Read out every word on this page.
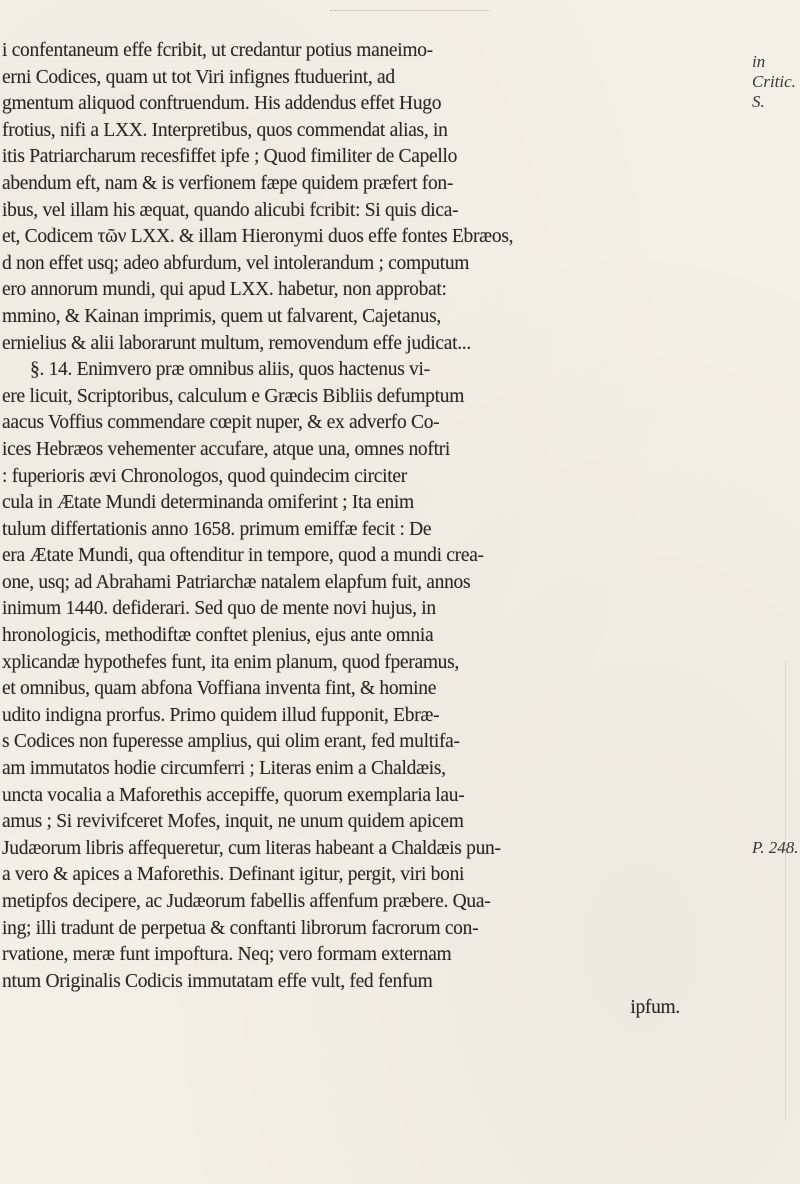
i confentaneum effe fcribit, ut credantur potius maneimo-
erni Codices, quam ut tot Viri infignes ftuduerint, ad
gmentum aliquod conftruendum. His addendus effet Hugo
frotius, nifi a LXX. Interpretibus, quos commendat alias, in
itis Patriarcharum recesfiffet ipfe ; Quod fimiliter de Capello
abendum eft, nam & is verfionem fæpe quidem præfert fon-
ibus, vel illam his æquat, quando alicubi fcribit: Si quis dica-
et, Codicem τῶν LXX. & illam Hieronymi duos effe fontes Ebræos,
d non effet usq; adeo abfurdum, vel intolerandum ; computum
ero annorum mundi, qui apud LXX. habetur, non approbat:
mmino, & Kainan imprimis, quem ut falvarent, Cajetanus,
ernielius & alii laborarunt multum, removendum effe judicat...
§. 14. Enimvero præ omnibus aliis, quos hactenus vi-
ere licuit, Scriptoribus, calculum e Græcis Bibliis defumptum
aacus Voffius commendare cœpit nuper, & ex adverfo Co-
ices Hebræos vehementer accufare, atque una, omnes noftri
: fuperioris ævi Chronologos, quod quindecim circiter
cula in Ætate Mundi determinanda omiferint ; Ita enim
tulum differtationis anno 1658. primum emiffæ fecit : De
era Ætate Mundi, qua oftenditur in tempore, quod a mundi crea-
one, usq; ad Abrahami Patriarchæ natalem elapfum fuit, annos
inimum 1440. defiderari. Sed quo de mente novi hujus, in
hronologicis, methodiftæ conftet plenius, ejus ante omnia
xplicandæ hypothefes funt, ita enim planum, quod fperamus,
et omnibus, quam abfona Voffiana inventa fint, & homine
udito indigna prorfus. Primo quidem illud fupponit, Ebræ-
s Codices non fuperesse amplius, qui olim erant, fed multifa-
am immutatos hodie circumferri ; Literas enim a Chaldæis,
uncta vocalia a Maforethis accepiffe, quorum exemplaria lau-
amus ; Si revivifceret Mofes, inquit, ne unum quidem apicem
Judæorum libris affequeretur, cum literas habeant a Chaldæis pun-
a vero & apices a Maforethis. Definant igitur, pergit, viri boni
metipfos decipere, ac Judæorum fabellis affenfum præbere. Qua-
ing; illi tradunt de perpetua & conftanti librorum facrorum con-
rvatione, meræ funt impoftura. Neq; vero formam externam
ntum Originalis Codicis immutatam effe vult, fed fenfum
ipfum.
in Critic. S.
P. 248.
